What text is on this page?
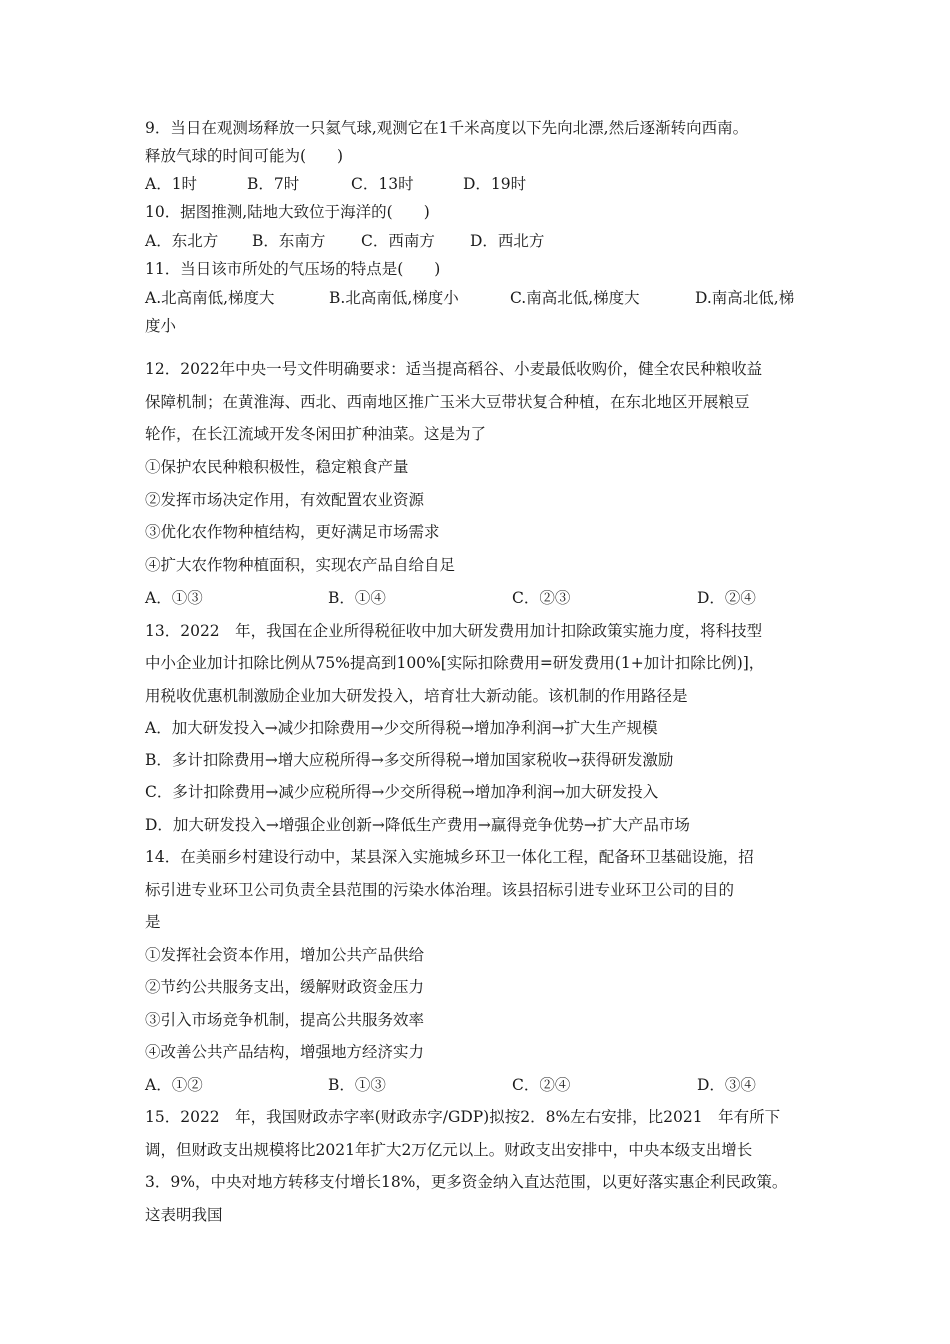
9．当日在观测场释放一只氦气球,观测它在1千米高度以下先向北漂,然后逐渐转向西南。
释放气球的时间可能为(　　)
A．1时	B．7时	C．13时	D．19时
10．据图推测,陆地大致位于海洋的(　　)
A．东北方 B．东南方 C．西南方 D．西北方
11．当日该市所处的气压场的特点是(　　)
A.北高南低,梯度大	B.北高南低,梯度小	C.南高北低,梯度大	D.南高北低,梯
度小
12．2022年中央一号文件明确要求：适当提高稻谷、小麦最低收购价，健全农民种粮收益
保障机制；在黄淮海、西北、西南地区推广玉米大豆带状复合种植，在东北地区开展粮豆
轮作，在长江流域开发冬闲田扩种油菜。这是为了
①保护农民种粮积极性，稳定粮食产量
②发挥市场决定作用，有效配置农业资源
③优化农作物种植结构，更好满足市场需求
④扩大农作物种植面积，实现农产品自给自足
A．①③	B．①④	C．②③	D．②④
13．2022　年，我国在企业所得税征收中加大研发费用加计扣除政策实施力度，将科技型
中小企业加计扣除比例从75%提高到100%[实际扣除费用=研发费用(1+加计扣除比例)]，
用税收优惠机制激励企业加大研发投入，培育壮大新动能。该机制的作用路径是
A．加大研发投入→减少扣除费用→少交所得税→增加净利润→扩大生产规模
B．多计扣除费用→增大应税所得→多交所得税→增加国家税收→获得研发激励
C．多计扣除费用→减少应税所得→少交所得税→增加净利润→加大研发投入
D．加大研发投入→增强企业创新→降低生产费用→赢得竞争优势→扩大产品市场
14．在美丽乡村建设行动中，某县深入实施城乡环卫一体化工程，配备环卫基础设施，招
标引进专业环卫公司负责全县范围的污染水体治理。该县招标引进专业环卫公司的目的
是
①发挥社会资本作用，增加公共产品供给
②节约公共服务支出，缓解财政资金压力
③引入市场竞争机制，提高公共服务效率
④改善公共产品结构，增强地方经济实力
A．①②	B．①③	C．②④	D．③④
15．2022　年，我国财政赤字率(财政赤字/GDP)拟按2．8%左右安排，比2021　年有所下
调，但财政支出规模将比2021年扩大2万亿元以上。财政支出安排中，中央本级支出增长
3．9%，中央对地方转移支付增长18%，更多资金纳入直达范围，以更好落实惠企利民政策。
这表明我国
